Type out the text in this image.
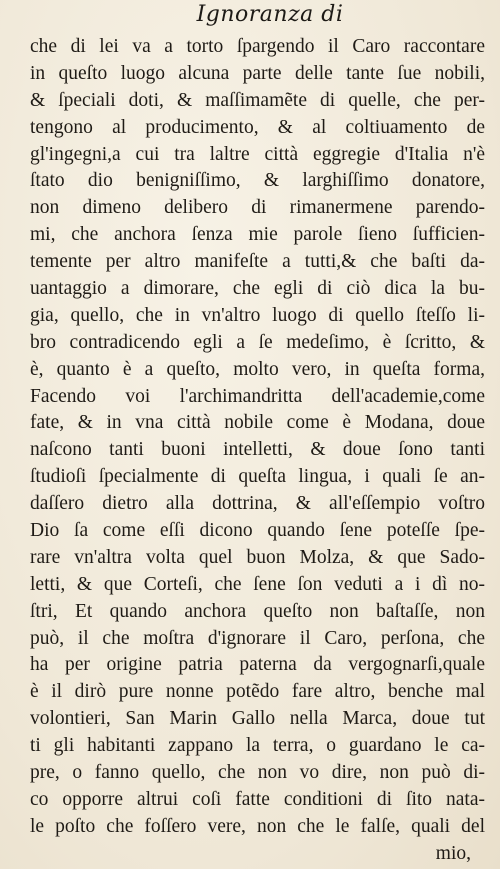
Ignoranza di
che di lei va a torto ſpargendo il Caro raccontare
in queſto luogo alcuna parte delle tante ſue nobili,
& ſpeciali doti, & maſſimamẽte di quelle, che per-
tengono al producimento, & al coltiuamento de
gl'ingegni,a cui tra laltre città eggregie d'Italia n'è
ſtato dio benigniſſimo, & larghiſſimo donatore,
non dimeno delibero di rimanermene parendo-
mi, che anchora ſenza mie parole ſieno ſufficien-
temente per altro manifeſte a tutti,& che baſti da-
uantaggio a dimorare, che egli di ciò dica la bu-
gia, quello, che in vn'altro luogo di quello ſteſſo li-
bro contradicendo egli a ſe medeſimo, è ſcritto, &
è, quanto è a queſto, molto vero, in queſta forma,
Facendo voi l'archimandritta dell'academie,come
fate, & in vna città nobile come è Modana, doue
naſcono tanti buoni intelletti, & doue ſono tanti
ſtudioſi ſpecialmente di queſta lingua, i quali ſe an-
daſſero dietro alla dottrina, & all'eſſempio voſtro
Dio ſa come eſſi dicono quando ſene poteſſe ſpe-
rare vn'altra volta quel buon Molza, & que Sado-
letti, & que Corteſi, che ſene ſon veduti a i dì no-
ſtri, Et quando anchora queſto non baſtaſſe, non
può, il che moſtra d'ignorare il Caro, perſona, che
ha per origine patria paterna da vergognarſi,quale
è il dirò pure nonne potẽdo fare altro, benche mal
volontieri, San Marin Gallo nella Marca, doue tut
ti gli habitanti zappano la terra, o guardano le ca-
pre, o fanno quello, che non vo dire, non può di-
co opporre altrui coſi fatte conditioni di ſito nata-
le poſto che foſſero vere, non che le falſe, quali del
mio,
